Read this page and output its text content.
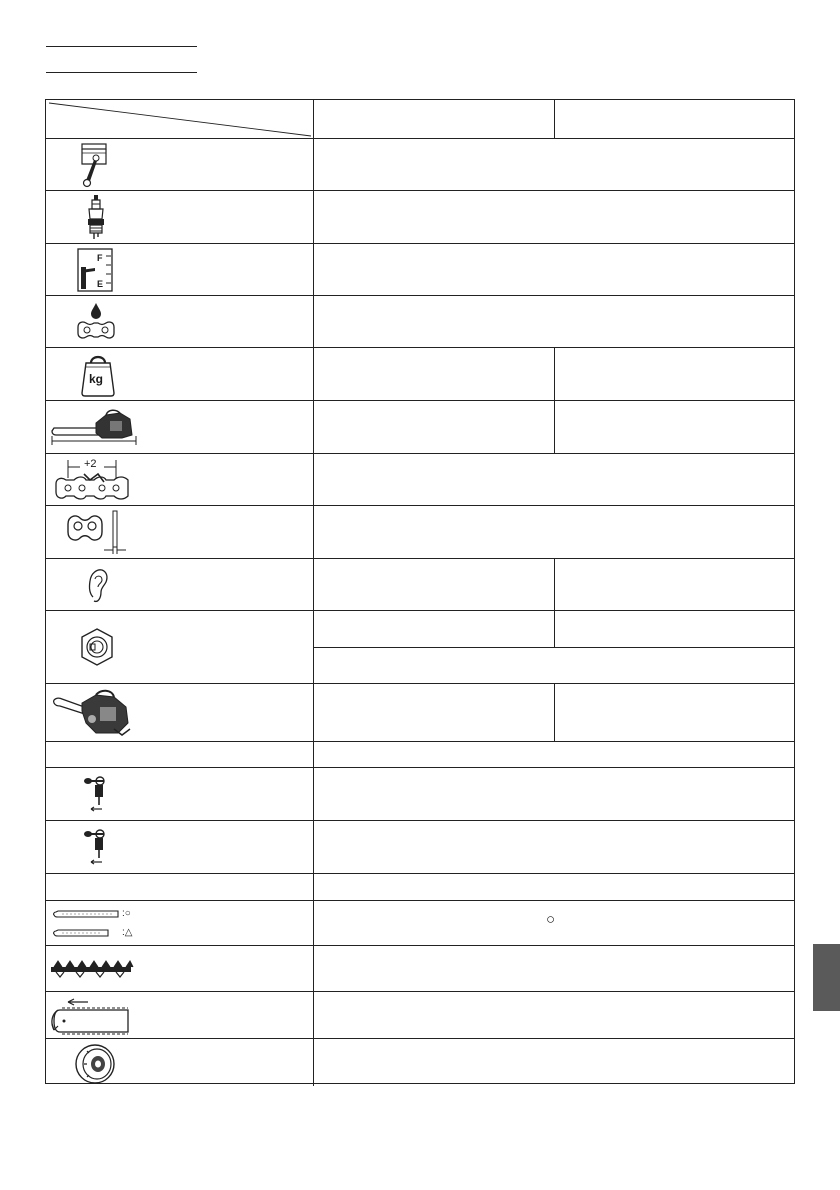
F
E
kg
+2
:○
:△
○
